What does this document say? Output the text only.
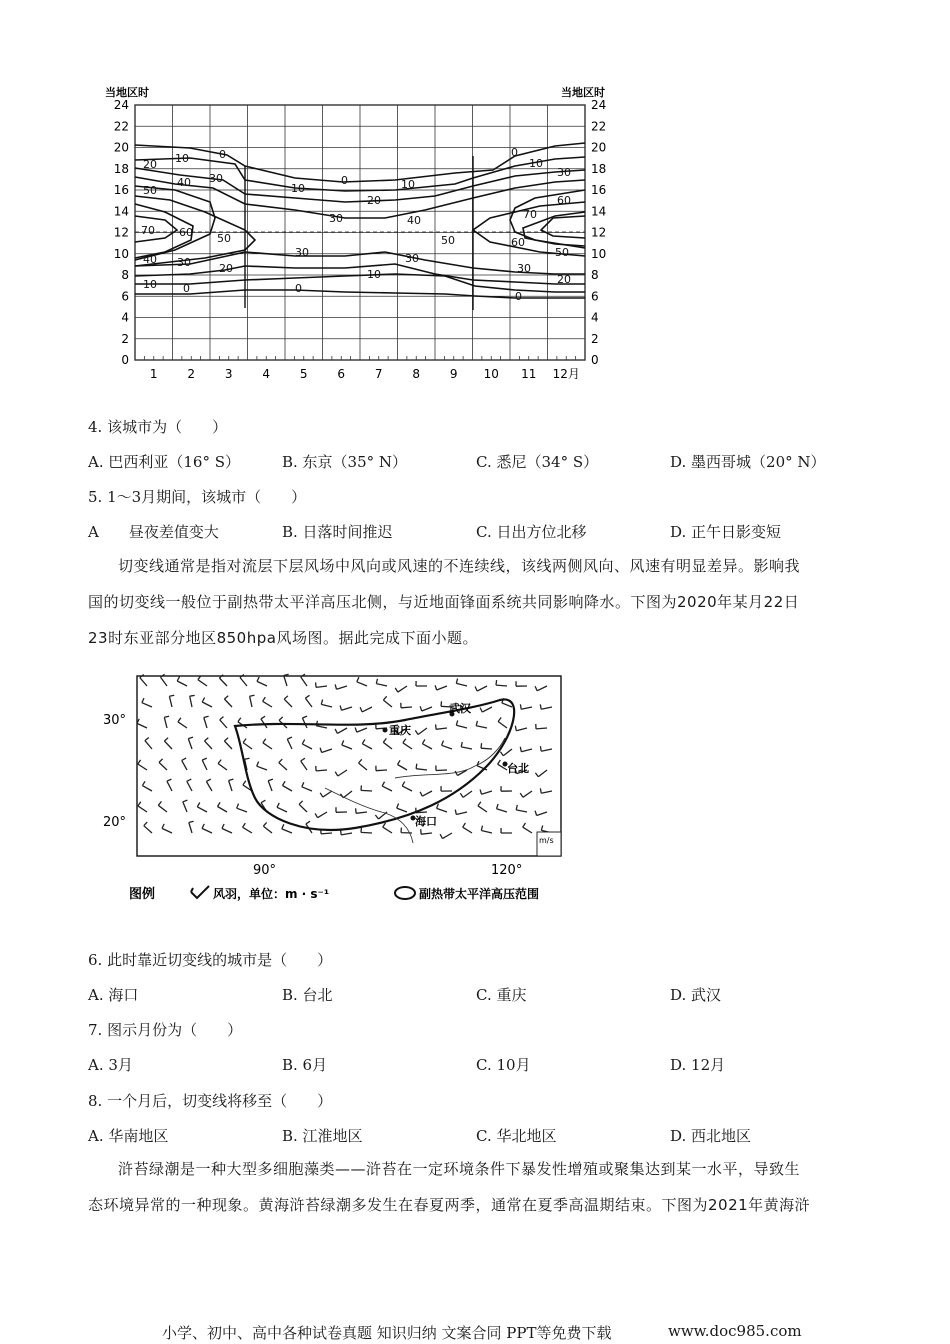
当地区时	当地区时
24
22
20
18
16
14
12
10
8
6
4
2
0
24
22
20
18
16
14
12
10
8
6
4
2
0
1 2 3 4 5 6 7 8 9 10 11 12月
0
10
20
30
40
50
60
70
50
40 30	20
10 0
10
0
20
30
10
40
30
0
10
30
50
0
10
30
60
70
60
50
30
20
0
4. 该城市为（　　）
A. 巴西利亚（16° S）	B. 东京（35° N）	C. 悉尼（34° S）	D. 墨西哥城（20° N）
5. 1～3月期间，该城市（　　）
A　　昼夜差值变大	B. 日落时间推迟	C. 日出方位北移	D. 正午日影变短
切变线通常是指对流层下层风场中风向或风速的不连续线，该线两侧风向、风速有明显差异。影响我
国的切变线一般位于副热带太平洋高压北侧，与近地面锋面系统共同影响降水。下图为2020年某月22日
23时东亚部分地区850hpa风场图。据此完成下面小题。
重庆
武汉
台北
海口
m/s
30°
20°
90°	120°
图例	风羽，单位：m · s⁻¹	副热带太平洋高压范围
6. 此时靠近切变线的城市是（　　）
A. 海口	B. 台北	C. 重庆	D. 武汉
7. 图示月份为（　　）
A. 3月	B. 6月	C. 10月	D. 12月
8. 一个月后，切变线将移至（　　）
A. 华南地区	B. 江淮地区	C. 华北地区	D. 西北地区
浒苔绿潮是一种大型多细胞藻类——浒苔在一定环境条件下暴发性增殖或聚集达到某一水平，导致生
态环境异常的一种现象。黄海浒苔绿潮多发生在春夏两季，通常在夏季高温期结束。下图为2021年黄海浒
小学、初中、高中各种试卷真题 知识归纳 文案合同 PPT等免费下载	www.doc985.com
